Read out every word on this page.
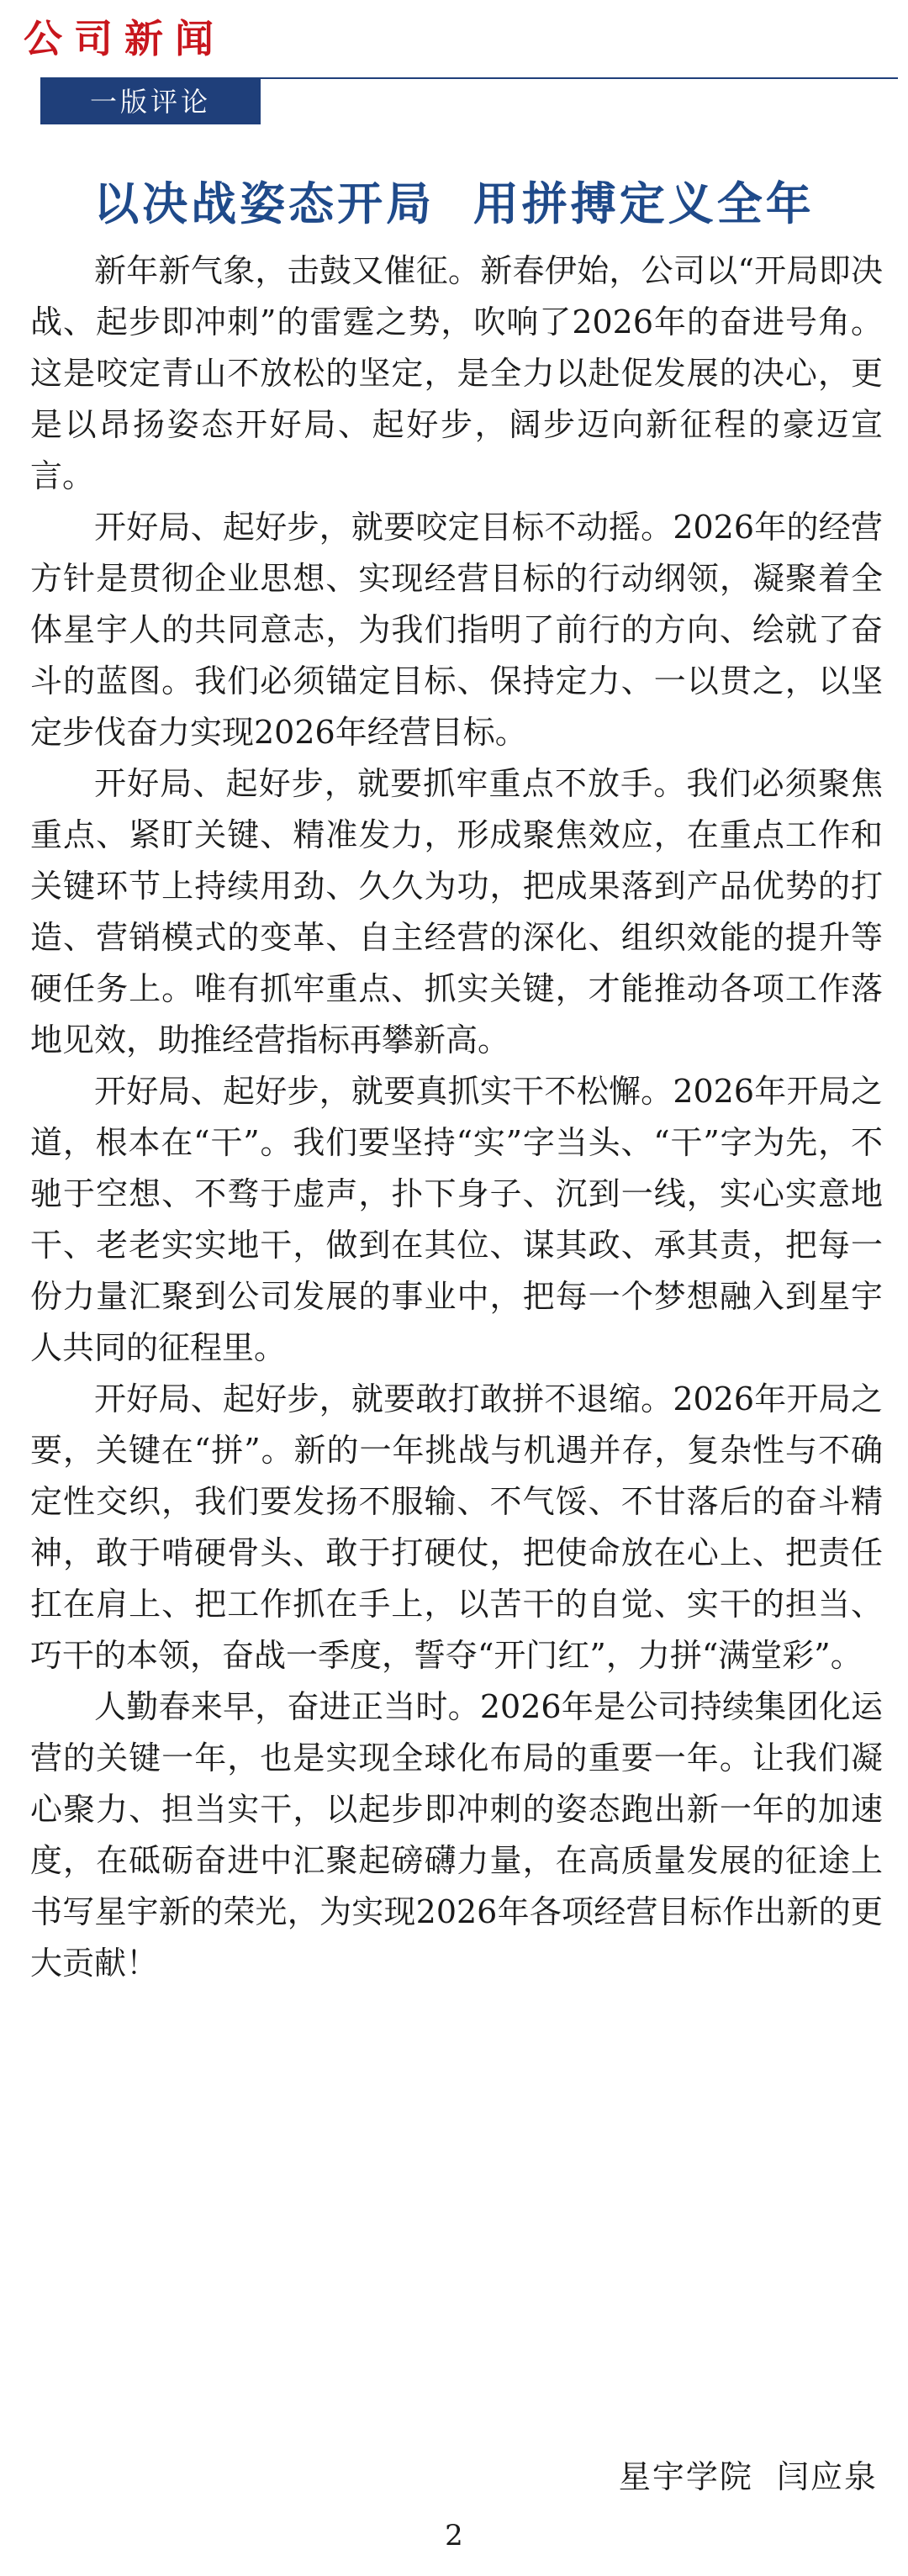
公司新闻
一版评论
以决战姿态开局  用拼搏定义全年

新年新气象，击鼓又催征。新春伊始，公司以“开局即决战、起步即冲刺”的雷霆之势，吹响了2026年的奋进号角。这是咬定青山不放松的坚定，是全力以赴促发展的决心，更是以昂扬姿态开好局、起好步，阔步迈向新征程的豪迈宣言。

开好局、起好步，就要咬定目标不动摇。2026年的经营方针是贯彻企业思想、实现经营目标的行动纲领，凝聚着全体星宇人的共同意志，为我们指明了前行的方向、绘就了奋斗的蓝图。我们必须锚定目标、保持定力、一以贯之，以坚定步伐奋力实现2026年经营目标。

开好局、起好步，就要抓牢重点不放手。我们必须聚焦重点、紧盯关键、精准发力，形成聚焦效应，在重点工作和关键环节上持续用劲、久久为功，把成果落到产品优势的打造、营销模式的变革、自主经营的深化、组织效能的提升等硬任务上。唯有抓牢重点、抓实关键，才能推动各项工作落地见效，助推经营指标再攀新高。

开好局、起好步，就要真抓实干不松懈。2026年开局之道，根本在“干”。我们要坚持“实”字当头、“干”字为先，不驰于空想、不骛于虚声，扑下身子、沉到一线，实心实意地干、老老实实地干，做到在其位、谋其政、承其责，把每一份力量汇聚到公司发展的事业中，把每一个梦想融入到星宇人共同的征程里。

开好局、起好步，就要敢打敢拼不退缩。2026年开局之要，关键在“拼”。新的一年挑战与机遇并存，复杂性与不确定性交织，我们要发扬不服输、不气馁、不甘落后的奋斗精神，敢于啃硬骨头、敢于打硬仗，把使命放在心上、把责任扛在肩上、把工作抓在手上，以苦干的自觉、实干的担当、巧干的本领，奋战一季度，誓夺“开门红”，力拼“满堂彩”。

人勤春来早，奋进正当时。2026年是公司持续集团化运营的关键一年，也是实现全球化布局的重要一年。让我们凝心聚力、担当实干，以起步即冲刺的姿态跑出新一年的加速度，在砥砺奋进中汇聚起磅礴力量，在高质量发展的征途上书写星宇新的荣光，为实现2026年各项经营目标作出新的更大贡献！

星宇学院  闫应泉
2
